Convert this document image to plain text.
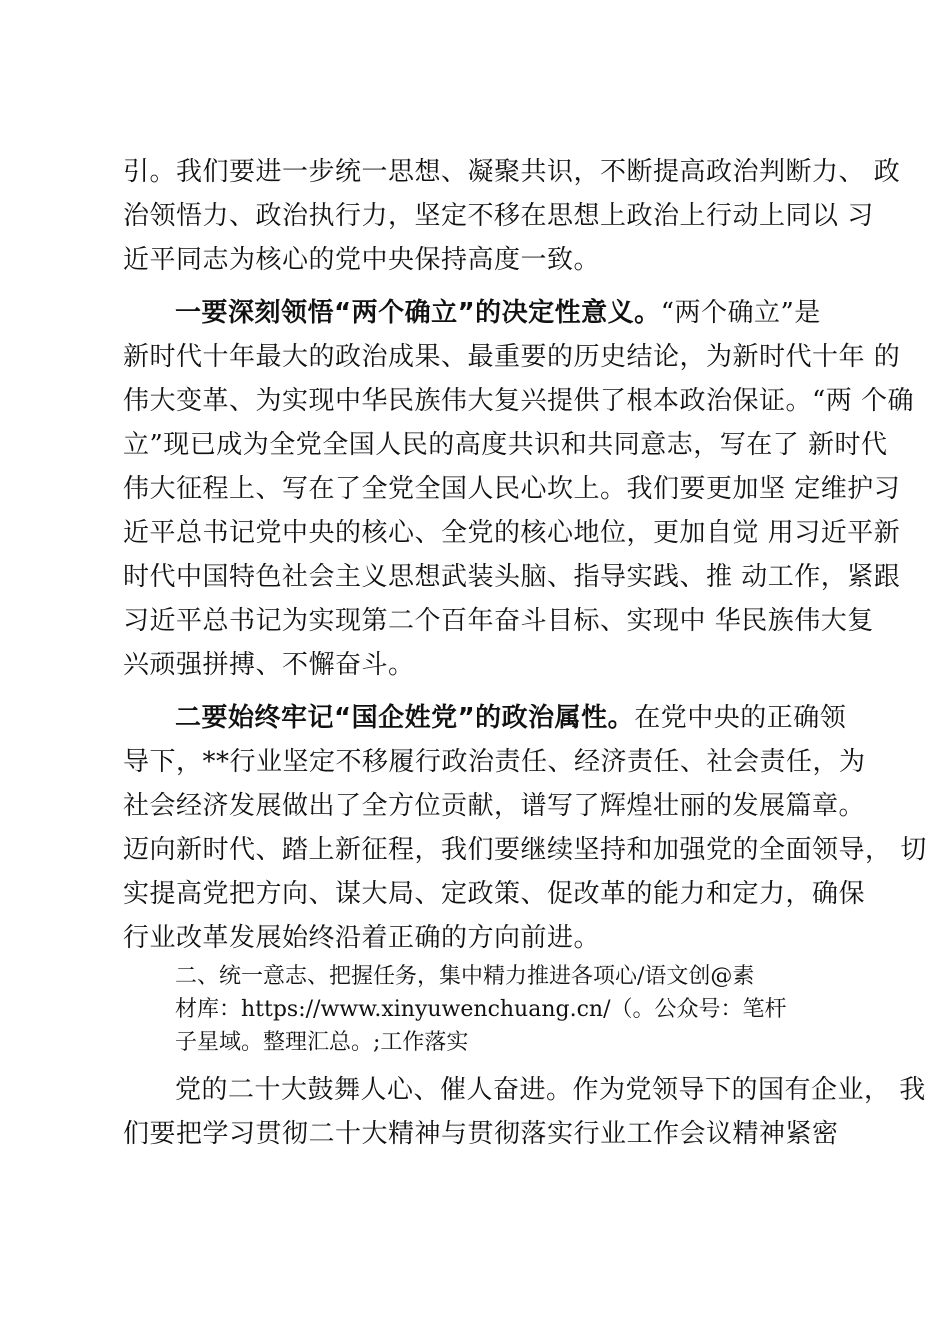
引。我们要进一步统一思想、凝聚共识，不断提高政治判断力、 政
治领悟力、政治执行力，坚定不移在思想上政治上行动上同以 习
近平同志为核心的党中央保持高度一致。
一要深刻领悟“两个确立”的决定性意义。“两个确立”是
新时代十年最大的政治成果、最重要的历史结论，为新时代十年 的
伟大变革、为实现中华民族伟大复兴提供了根本政治保证。“两 个确
立”现已成为全党全国人民的高度共识和共同意志，写在了 新时代
伟大征程上、写在了全党全国人民心坎上。我们要更加坚 定维护习
近平总书记党中央的核心、全党的核心地位，更加自觉 用习近平新
时代中国特色社会主义思想武装头脑、指导实践、推 动工作，紧跟
习近平总书记为实现第二个百年奋斗目标、实现中 华民族伟大复
兴顽强拼搏、不懈奋斗。
二要始终牢记“国企姓党”的政治属性。在党中央的正确领
导下，**行业坚定不移履行政治责任、经济责任、社会责任，为
社会经济发展做出了全方位贡献，谱写了辉煌壮丽的发展篇章。
迈向新时代、踏上新征程，我们要继续坚持和加强党的全面领导， 切
实提高党把方向、谋大局、定政策、促改革的能力和定力，确保
行业改革发展始终沿着正确的方向前进。
二、统一意志、把握任务，集中精力推进各项心/语文创@素
材库：https://www.xinyuwenchuang.cn/（。公众号：笔杆
子星域。整理汇总。;工作落实
党的二十大鼓舞人心、催人奋进。作为党领导下的国有企业， 我
们要把学习贯彻二十大精神与贯彻落实行业工作会议精神紧密
